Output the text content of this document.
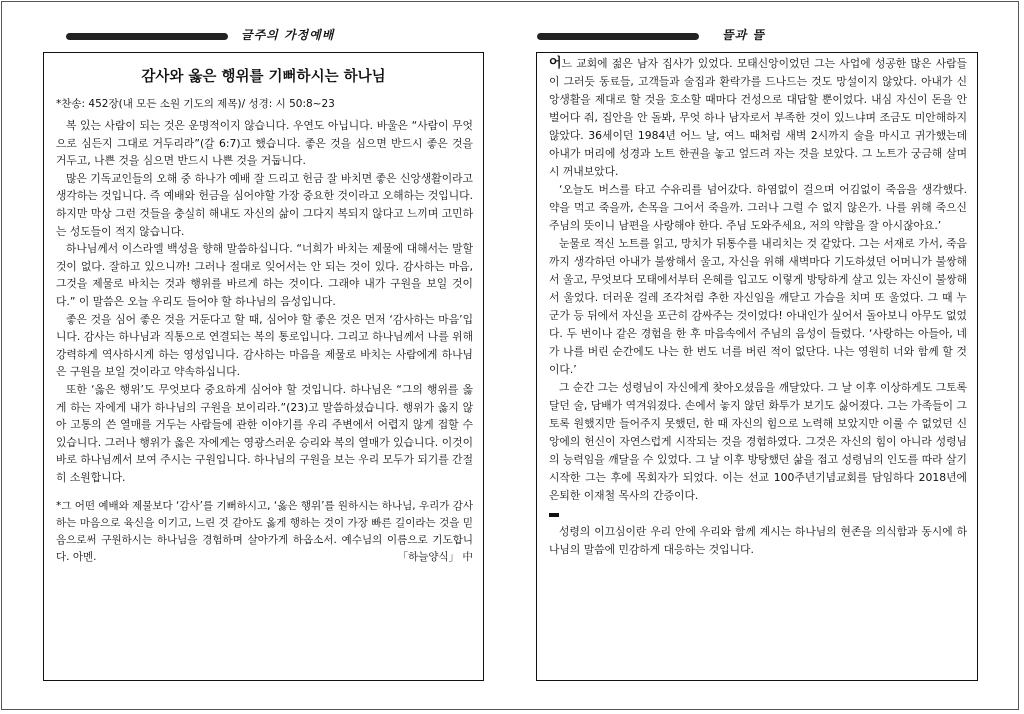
글주의 가정예배	뜰과 뜰
감사와 옳은 행위를 기뻐하시는 하나님
*찬송: 452장(내 모든 소원 기도의 제목)/ 성경: 시 50:8~23

복 있는 사람이 되는 것은 운명적이지 않습니다. 우연도 아닙니다. 바울은 “사람이 무엇으로 심든지 그대로 거두리라”(갈 6:7)고 했습니다. 좋은 것을 심으면 반드시 좋은 것을 거두고, 나쁜 것을 심으면 반드시 나쁜 것을 거둡니다.

많은 기독교인들의 오해 중 하나가 예배 잘 드리고 헌금 잘 바치면 좋은 신앙생활이라고 생각하는 것입니다. 즉 예배와 헌금을 심어야할 가장 중요한 것이라고 오해하는 것입니다. 하지만 막상 그런 것들을 충실히 해내도 자신의 삶이 그다지 복되지 않다고 느끼며 고민하는 성도들이 적지 않습니다.

하나님께서 이스라엘 백성을 향해 말씀하십니다. “너희가 바치는 제물에 대해서는 말할 것이 없다. 잘하고 있으니까! 그러나 절대로 잊어서는 안 되는 것이 있다. 감사하는 마음, 그것을 제물로 바치는 것과 행위를 바르게 하는 것이다. 그래야 내가 구원을 보일 것이다.” 이 말씀은 오늘 우리도 들어야 할 하나님의 음성입니다.

좋은 것을 심어 좋은 것을 거둔다고 할 때, 심어야 할 좋은 것은 먼저 ‘감사하는 마음’입니다. 감사는 하나님과 직통으로 연결되는 복의 통로입니다. 그리고 하나님께서 나를 위해 강력하게 역사하시게 하는 영성입니다. 감사하는 마음을 제물로 바치는 사람에게 하나님은 구원을 보일 것이라고 약속하십니다.

또한 ‘옳은 행위’도 무엇보다 중요하게 심어야 할 것입니다. 하나님은 “그의 행위를 옳게 하는 자에게 내가 하나님의 구원을 보이리라.”(23)고 말씀하셨습니다. 행위가 옳지 않아 고통의 쓴 열매를 거두는 사람들에 관한 이야기를 우리 주변에서 어렵지 않게 접할 수 있습니다. 그러나 행위가 옳은 자에게는 영광스러운 승리와 복의 열매가 있습니다. 이것이 바로 하나님께서 보여 주시는 구원입니다. 하나님의 구원을 보는 우리 모두가 되기를 간절히 소원합니다.

*그 어떤 예배와 제물보다 ‘감사’를 기뻐하시고, ‘옳은 행위’를 원하시는 하나님, 우리가 감사하는 마음으로 육신을 이기고, 느린 것 같아도 옳게 행하는 것이 가장 빠른 길이라는 것을 믿음으로써 구원하시는 하나님을 경험하며 살아가게 하옵소서. 예수님의 이름으로 기도합니다. 아멘.	「하늘양식」 中

어느 교회에 젊은 남자 집사가 있었다. 모태신앙이었던 그는 사업에 성공한 많은 사람들이 그러듯 동료들, 고객들과 술집과 환락가를 드나드는 것도 망설이지 않았다. 아내가 신앙생활을 제대로 할 것을 호소할 때마다 건성으로 대답할 뿐이었다. 내심 자신이 돈을 안 벌어다 줘, 집안을 안 돌봐, 무엇 하나 남자로서 부족한 것이 있느냐며 조금도 미안해하지 않았다. 36세이던 1984년 어느 날, 여느 때처럼 새벽 2시까지 술을 마시고 귀가했는데 아내가 머리에 성경과 노트 한권을 놓고 엎드려 자는 것을 보았다. 그 노트가 궁금해 살며시 꺼내보았다.

‘오늘도 버스를 타고 수유리를 넘어갔다. 하염없이 걸으며 어김없이 죽음을 생각했다. 약을 먹고 죽을까, 손목을 그어서 죽을까. 그러나 그럴 수 없지 않은가. 나를 위해 죽으신 주님의 뜻이니 남편을 사랑해야 한다. 주님 도와주세요, 저의 약함을 잘 아시잖아요.’

눈물로 적신 노트를 읽고, 망치가 뒤통수를 내리치는 것 같았다. 그는 서재로 가서, 죽음까지 생각하던 아내가 불쌍해서 울고, 자신을 위해 새벽마다 기도하셨던 어머니가 불쌍해서 울고, 무엇보다 모태에서부터 은혜를 입고도 이렇게 방탕하게 살고 있는 자신이 불쌍해서 울었다. 더러운 걸레 조각처럼 추한 자신임을 깨닫고 가슴을 치며 또 울었다. 그 때 누군가 등 뒤에서 자신을 포근히 감싸주는 것이었다! 아내인가 싶어서 돌아보니 아무도 없었다. 두 번이나 같은 경험을 한 후 마음속에서 주님의 음성이 들렸다. ‘사랑하는 아들아, 네가 나를 버린 순간에도 나는 한 번도 너를 버린 적이 없단다. 나는 영원히 너와 함께 할 것이다.’

그 순간 그는 성령님이 자신에게 찾아오셨음을 깨달았다. 그 날 이후 이상하게도 그토록 달던 술, 담배가 역겨워졌다. 손에서 놓지 않던 화투가 보기도 싫어졌다. 그는 가족들이 그토록 원했지만 들어주지 못했던, 한 때 자신의 힘으로 노력해 보았지만 이룰 수 없었던 신앙에의 헌신이 자연스럽게 시작되는 것을 경험하였다. 그것은 자신의 힘이 아니라 성령님의 능력임을 깨달을 수 있었다. 그 날 이후 방탕했던 삶을 접고 성령님의 인도를 따라 살기 시작한 그는 후에 목회자가 되었다. 이는 선교 100주년기념교회를 담임하다 2018년에 은퇴한 이재철 목사의 간증이다.

성령의 이끄심이란 우리 안에 우리와 함께 계시는 하나님의 현존을 의식함과 동시에 하나님의 말씀에 민감하게 대응하는 것입니다.
